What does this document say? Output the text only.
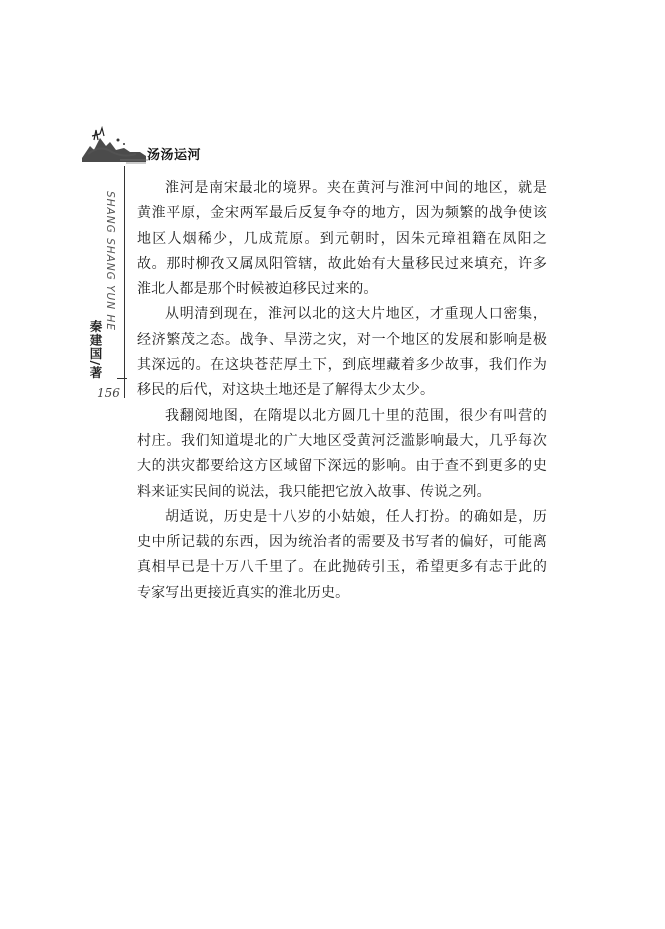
汤汤运河
SHANG SHANG YUN HE
秦建国/著
156

淮河是南宋最北的境界。夹在黄河与淮河中间的地区，就是黄淮平原，金宋两军最后反复争夺的地方，因为频繁的战争使该地区人烟稀少，几成荒原。到元朝时，因朱元璋祖籍在凤阳之故。那时柳孜又属凤阳管辖，故此始有大量移民过来填充，许多淮北人都是那个时候被迫移民过来的。

从明清到现在，淮河以北的这大片地区，才重现人口密集，经济繁茂之态。战争、旱涝之灾，对一个地区的发展和影响是极其深远的。在这块苍茫厚土下，到底埋藏着多少故事，我们作为移民的后代，对这块土地还是了解得太少太少。

我翻阅地图，在隋堤以北方圆几十里的范围，很少有叫营的村庄。我们知道堤北的广大地区受黄河泛滥影响最大，几乎每次大的洪灾都要给这方区域留下深远的影响。由于查不到更多的史料来证实民间的说法，我只能把它放入故事、传说之列。

胡适说，历史是十八岁的小姑娘，任人打扮。的确如是，历史中所记载的东西，因为统治者的需要及书写者的偏好，可能离真相早已是十万八千里了。在此抛砖引玉，希望更多有志于此的专家写出更接近真实的淮北历史。
